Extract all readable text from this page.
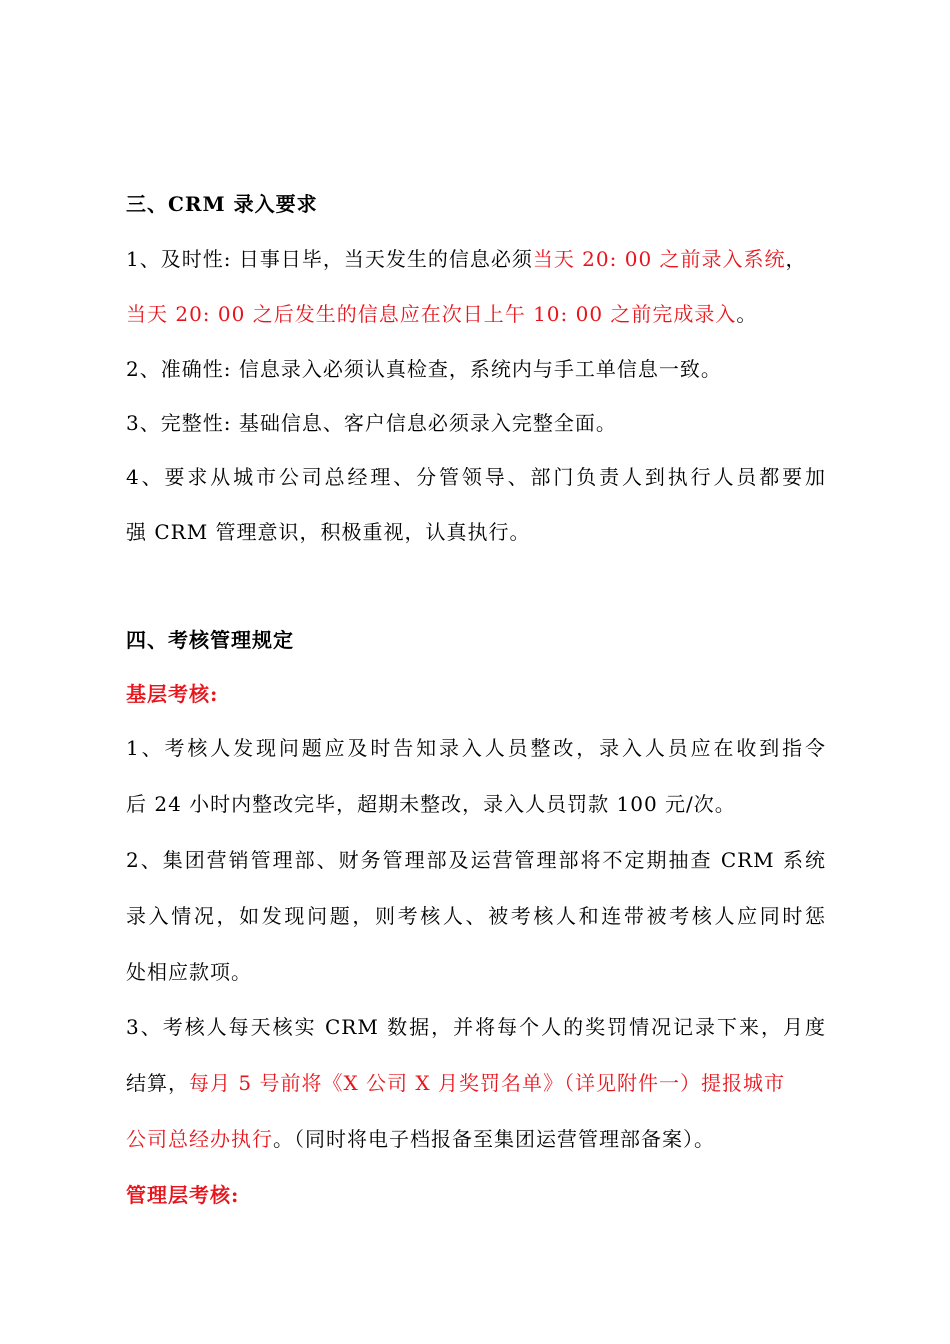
三、CRM 录入要求
1、及时性: 日事日毕，当天发生的信息必须当天 20: 00 之前录入系统，
当天 20: 00 之后发生的信息应在次日上午 10: 00 之前完成录入。
2、准确性: 信息录入必须认真检查，系统内与手工单信息一致。
3、完整性: 基础信息、客户信息必须录入完整全面。
4、要求从城市公司总经理、分管领导、部门负责人到执行人员都要加
强 CRM 管理意识，积极重视，认真执行。
四、考核管理规定
基层考核:
1、考核人发现问题应及时告知录入人员整改，录入人员应在收到指令
后 24 小时内整改完毕，超期未整改，录入人员罚款 100 元/次。
2、集团营销管理部、财务管理部及运营管理部将不定期抽查 CRM 系统
录入情况，如发现问题，则考核人、被考核人和连带被考核人应同时惩
处相应款项。
3、考核人每天核实 CRM 数据，并将每个人的奖罚情况记录下来，月度
结算，每月 5 号前将《X 公司 X 月奖罚名单》（详见附件一）提报城市
公司总经办执行。（同时将电子档报备至集团运营管理部备案）。
管理层考核:
